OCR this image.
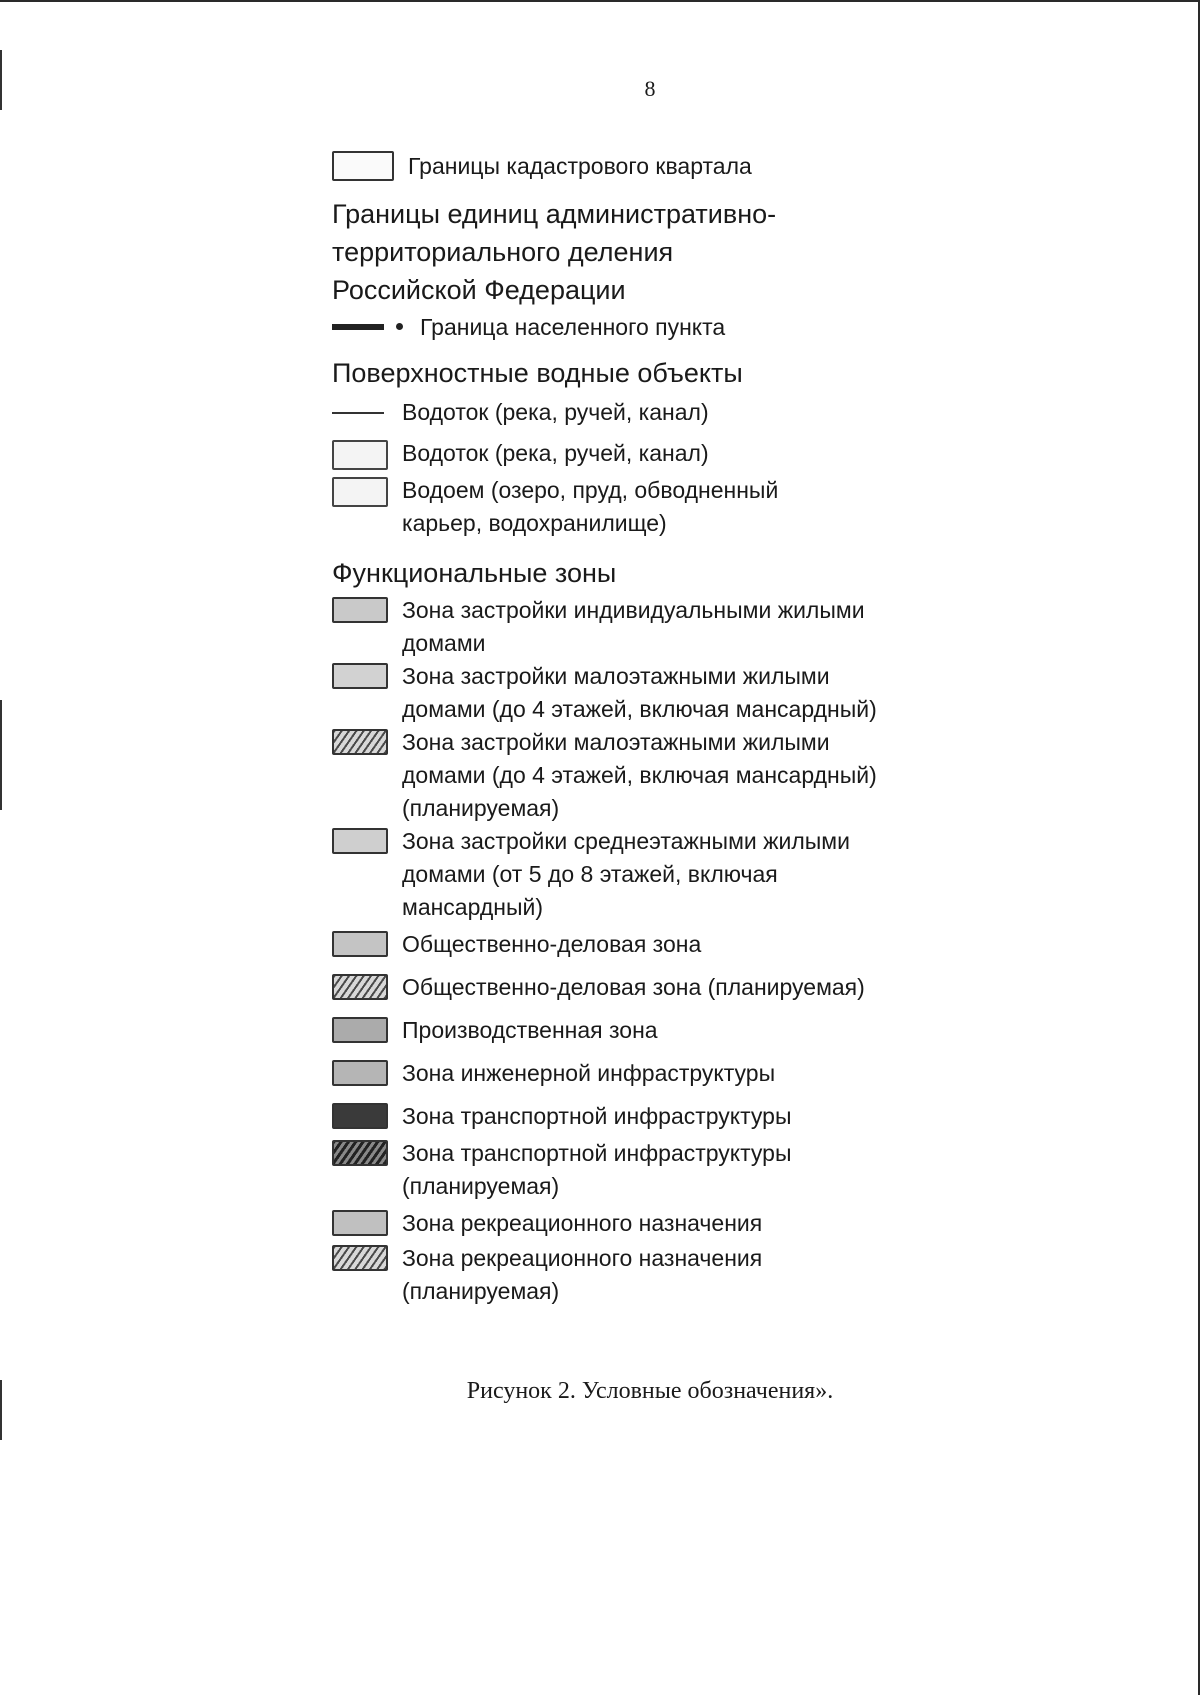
8
Границы кадастрового квартала
Границы единиц административно-
территориального деления
Российской Федерации
Граница населенного пункта
Поверхностные водные объекты
Водоток (река, ручей, канал)
Водоток (река, ручей, канал)
Водоем (озеро, пруд, обводненный
карьер, водохранилище)
Функциональные зоны
Зона застройки индивидуальными жилыми
домами
Зона застройки малоэтажными жилыми
домами (до 4 этажей, включая мансардный)
Зона застройки малоэтажными жилыми
домами (до 4 этажей, включая мансардный)
(планируемая)
Зона застройки среднеэтажными жилыми
домами (от 5 до 8 этажей, включая
мансардный)
Общественно-деловая зона
Общественно-деловая зона (планируемая)
Производственная зона
Зона инженерной инфраструктуры
Зона транспортной инфраструктуры
Зона транспортной инфраструктуры
(планируемая)
Зона рекреационного назначения
Зона рекреационного назначения
(планируемая)
Рисунок 2. Условные обозначения».
